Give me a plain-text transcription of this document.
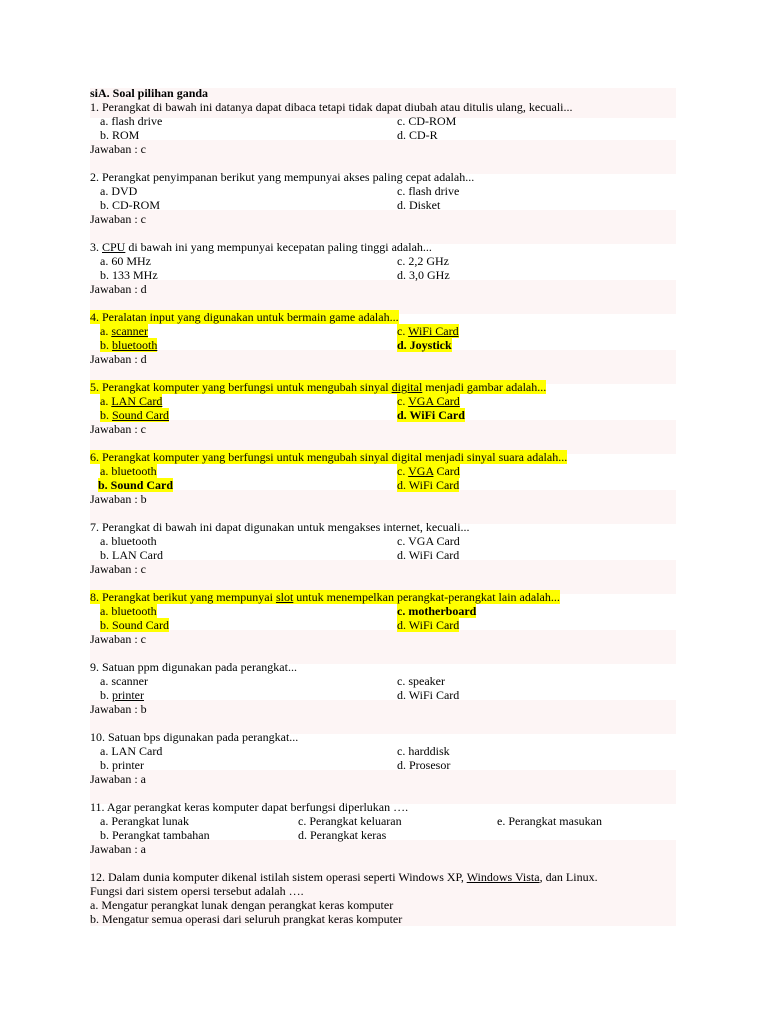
siA. Soal pilihan ganda
1. Perangkat di bawah ini datanya dapat dibaca tetapi tidak dapat diubah atau ditulis ulang, kecuali...
a. flash drive	c. CD-ROM
b. ROM	d. CD-R
Jawaban : c
2. Perangkat penyimpanan berikut yang mempunyai akses paling cepat adalah...
a. DVD	c. flash drive
b. CD-ROM	d. Disket
Jawaban : c
3. CPU di bawah ini yang mempunyai kecepatan paling tinggi adalah...
a. 60 MHz	c. 2,2 GHz
b. 133 MHz	d. 3,0 GHz
Jawaban : d
4. Peralatan input yang digunakan untuk bermain game adalah...
a. scanner	c. WiFi Card
b. bluetooth	d. Joystick
Jawaban : d
5. Perangkat komputer yang berfungsi untuk mengubah sinyal digital menjadi gambar adalah...
a. LAN Card	c. VGA Card
b. Sound Card	d. WiFi Card
Jawaban : c
6. Perangkat komputer yang berfungsi untuk mengubah sinyal digital menjadi sinyal suara adalah...
a. bluetooth	c. VGA Card
b. Sound Card	d. WiFi Card
Jawaban : b
7. Perangkat di bawah ini dapat digunakan untuk mengakses internet, kecuali...
a. bluetooth	c. VGA Card
b. LAN Card	d. WiFi Card
Jawaban : c
8. Perangkat berikut yang mempunyai slot untuk menempelkan perangkat-perangkat lain adalah...
a. bluetooth	c. motherboard
b. Sound Card	d. WiFi Card
Jawaban : c
9. Satuan ppm digunakan pada perangkat...
a. scanner	c. speaker
b. printer	d. WiFi Card
Jawaban : b
10. Satuan bps digunakan pada perangkat...
a. LAN Card	c. harddisk
b. printer	d. Prosesor
Jawaban : a
11. Agar perangkat keras komputer dapat berfungsi diperlukan ….
a. Perangkat lunak	c. Perangkat keluaran	e. Perangkat masukan
b. Perangkat tambahan	d. Perangkat keras
Jawaban : a
12. Dalam dunia komputer dikenal istilah sistem operasi seperti Windows XP, Windows Vista, dan Linux.
Fungsi dari sistem opersi tersebut adalah ….
a. Mengatur perangkat lunak dengan perangkat keras komputer
b. Mengatur semua operasi dari seluruh prangkat keras komputer
